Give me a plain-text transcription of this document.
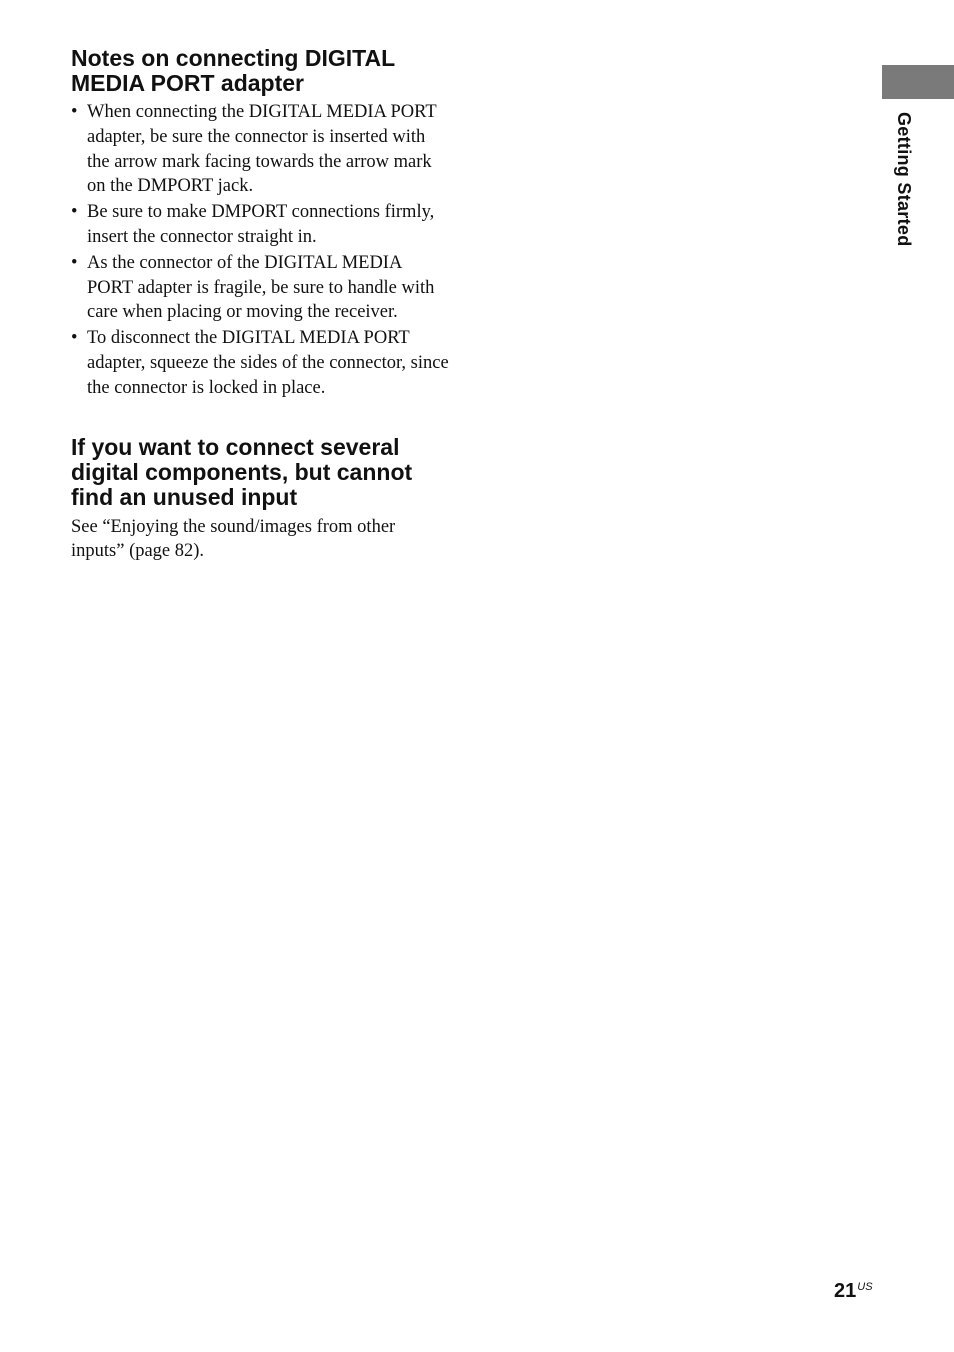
Notes on connecting DIGITAL
MEDIA PORT adapter
• When connecting the DIGITAL MEDIA PORT adapter, be sure the connector is inserted with the arrow mark facing towards the arrow mark on the DMPORT jack.
• Be sure to make DMPORT connections firmly, insert the connector straight in.
• As the connector of the DIGITAL MEDIA PORT adapter is fragile, be sure to handle with care when placing or moving the receiver.
• To disconnect the DIGITAL MEDIA PORT adapter, squeeze the sides of the connector, since the connector is locked in place.
If you want to connect several
digital components, but cannot
find an unused input

See “Enjoying the sound/images from other inputs” (page 82).

Getting Started
$21^{US}$
